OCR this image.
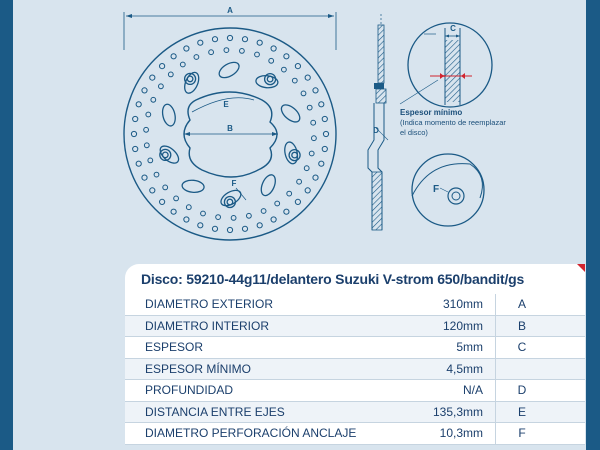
A
B
E
F
D
C
F
Espesor mínimo
(Indica momento de reemplazar el disco)
Disco: 59210-44g11/delantero Suzuki V-strom 650/bandit/gs
DIAMETRO EXTERIOR	310mm	A	
DIAMETRO INTERIOR	120mm	B	
ESPESOR	5mm	C	
ESPESOR MÍNIMO	4,5mm		
PROFUNDIDAD	N/A	D	
DISTANCIA ENTRE EJES	135,3mm	E	
DIAMETRO PERFORACIÓN ANCLAJE	10,3mm	F	
